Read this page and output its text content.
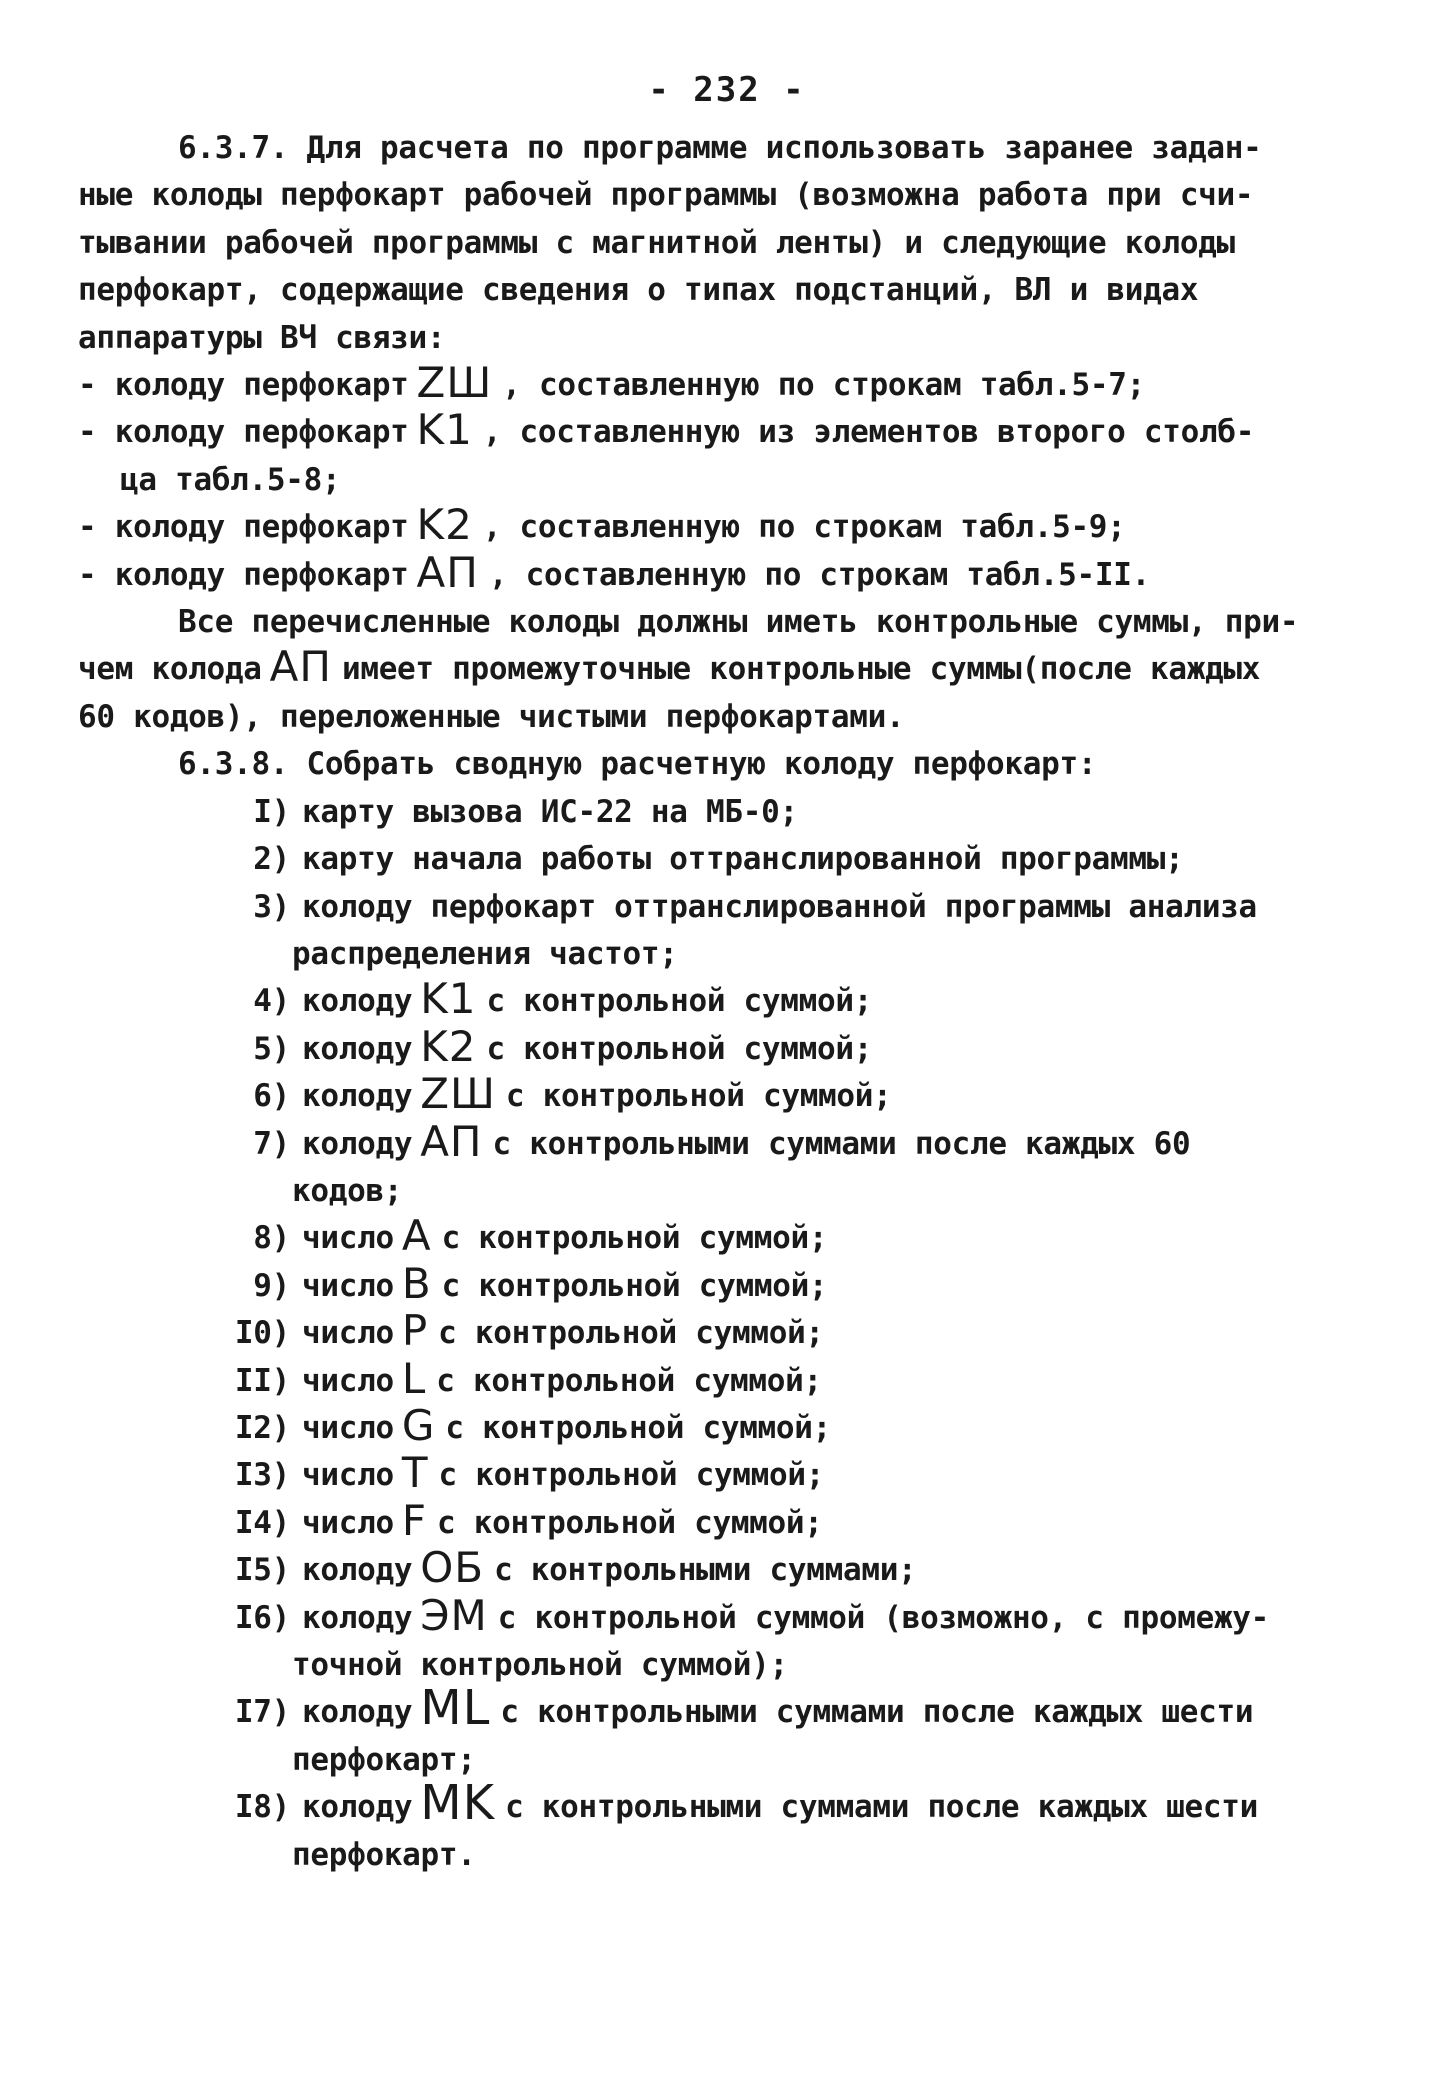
- 232 -
6.3.7. Для расчета по программе использовать заранее задан-
ные колоды перфокарт рабочей программы (возможна работа при счи-
тывании рабочей программы с магнитной ленты) и следующие колоды
перфокарт, содержащие сведения о типах подстанций, ВЛ и видах
аппаратуры ВЧ связи:
- колоду перфокарт ZШ , составленную по строкам табл.5-7;
- колоду перфокарт K1 , составленную из элементов второго столб-
ца табл.5-8;
- колоду перфокарт K2 , составленную по строкам табл.5-9;
- колоду перфокарт АП , составленную по строкам табл.5-II.
Все перечисленные колоды должны иметь контрольные суммы, при-
чем колода АП имеет промежуточные контрольные суммы(после каждых
60 кодов), переложенные чистыми перфокартами.
6.3.8. Собрать сводную расчетную колоду перфокарт:
I) карту вызова ИС-22 на МБ-0;
2) карту начала работы оттранслированной программы;
3) колоду перфокарт оттранслированной программы анализа
распределения частот;
4) колоду K1 с контрольной суммой;
5) колоду K2 с контрольной суммой;
6) колоду ZШ с контрольной суммой;
7) колоду АП с контрольными суммами после каждых 60
кодов;
8) число A с контрольной суммой;
9) число B с контрольной суммой;
I0) число P с контрольной суммой;
II) число L с контрольной суммой;
I2) число G с контрольной суммой;
I3) число T с контрольной суммой;
I4) число F с контрольной суммой;
I5) колоду ОБ с контрольными суммами;
I6) колоду ЭМ с контрольной суммой (возможно, с промежу-
точной контрольной суммой);
I7) колоду ML с контрольными суммами после каждых шести
перфокарт;
I8) колоду MK с контрольными суммами после каждых шести
перфокарт.
